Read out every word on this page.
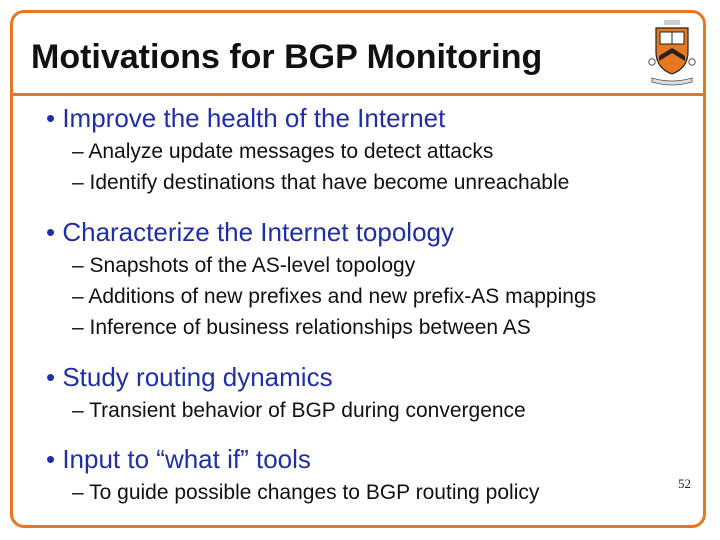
Motivations for BGP Monitoring
• Improve the health of the Internet
– Analyze update messages to detect attacks
– Identify destinations that have become unreachable
• Characterize the Internet topology
– Snapshots of the AS-level topology
– Additions of new prefixes and new prefix-AS mappings
– Inference of business relationships between AS
• Study routing dynamics
– Transient behavior of BGP during convergence
• Input to “what if” tools
– To guide possible changes to BGP routing policy	52
